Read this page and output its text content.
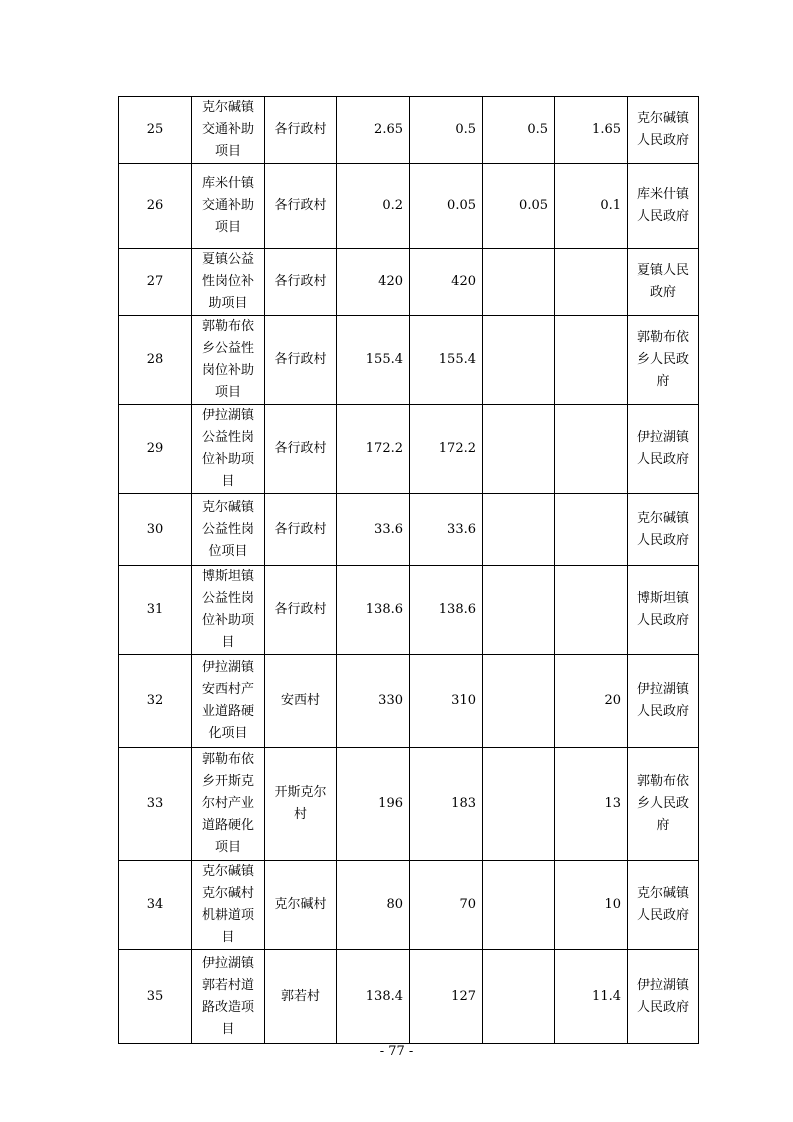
25	克尔碱镇交通补助项目	各行政村	2.65	0.5	0.5	1.65	克尔碱镇人民政府
26	库米什镇交通补助项目	各行政村	0.2	0.05	0.05	0.1	库米什镇人民政府
27	夏镇公益性岗位补助项目	各行政村	420	420			夏镇人民政府
28	郭勒布依乡公益性岗位补助项目	各行政村	155.4	155.4			郭勒布依乡人民政府
29	伊拉湖镇公益性岗位补助项目	各行政村	172.2	172.2			伊拉湖镇人民政府
30	克尔碱镇公益性岗位项目	各行政村	33.6	33.6			克尔碱镇人民政府
31	博斯坦镇公益性岗位补助项目	各行政村	138.6	138.6			博斯坦镇人民政府
32	伊拉湖镇安西村产业道路硬化项目	安西村	330	310		20	伊拉湖镇人民政府
33	郭勒布依乡开斯克尔村产业道路硬化项目	开斯克尔村	196	183		13	郭勒布依乡人民政府
34	克尔碱镇克尔碱村机耕道项目	克尔碱村	80	70		10	克尔碱镇人民政府
35	伊拉湖镇郭若村道路改造项目	郭若村	138.4	127		11.4	伊拉湖镇人民政府
- 77 -
